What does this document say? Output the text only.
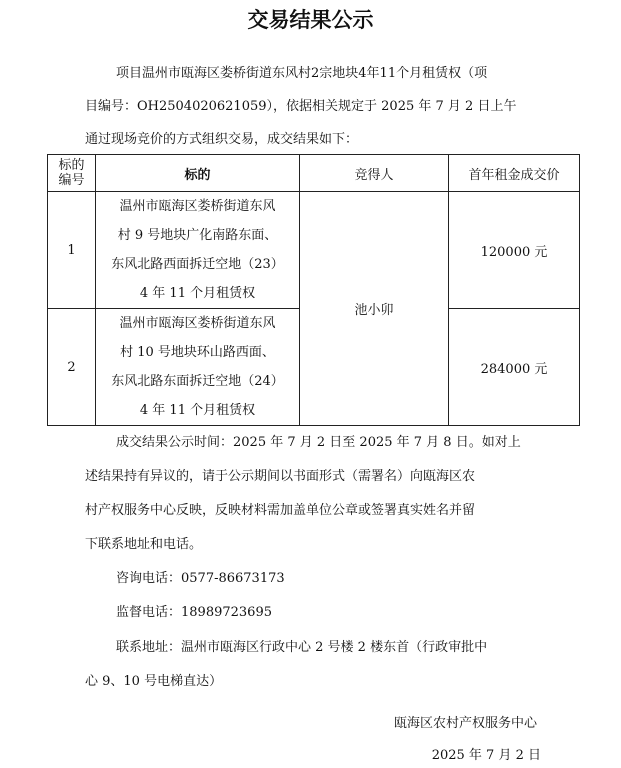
交易结果公示
项目温州市瓯海区娄桥街道东风村2宗地块4年11个月租赁权（项
目编号：OH2504020621059），依据相关规定于 2025 年 7 月 2 日上午
通过现场竞价的方式组织交易，成交结果如下：
标的
编号	标的	竞得人	首年租金成交价
1	温州市瓯海区娄桥街道东风
村 9 号地块广化南路东面、
东风北路西面拆迁空地（23）
4 年 11 个月租赁权	池小卯	120000 元
2	温州市瓯海区娄桥街道东风
村 10 号地块环山路西面、
东风北路东面拆迁空地（24）
4 年 11 个月租赁权		284000 元
成交结果公示时间：2025 年 7 月 2 日至 2025 年 7 月 8 日。如对上
述结果持有异议的，请于公示期间以书面形式（需署名）向瓯海区农
村产权服务中心反映，反映材料需加盖单位公章或签署真实姓名并留
下联系地址和电话。
咨询电话：0577-86673173
监督电话：18989723695
联系地址：温州市瓯海区行政中心 2 号楼 2 楼东首（行政审批中
心 9、10 号电梯直达）
瓯海区农村产权服务中心
2025 年 7 月 2 日
